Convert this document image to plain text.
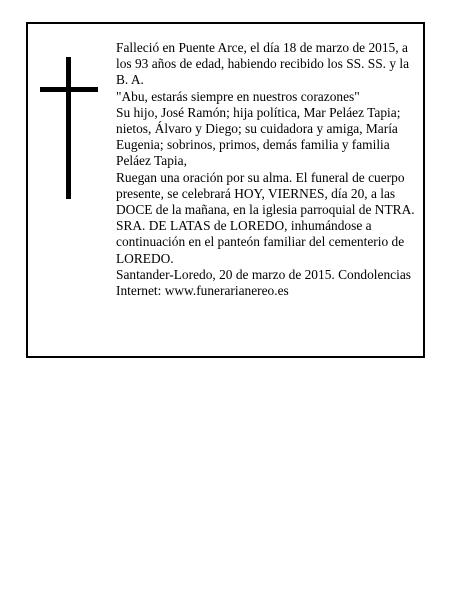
Falleció en Puente Arce, el día 18 de marzo de 2015, a los 93 años de edad, habiendo recibido los SS. SS. y la B. A.

"Abu, estarás siempre en nuestros corazones"

Su hijo, José Ramón; hija política, Mar Peláez Tapia; nietos, Álvaro y Diego; su cuidadora y amiga, María Eugenia; sobrinos, primos, demás familia y familia Peláez Tapia,

Ruegan una oración por su alma. El funeral de cuerpo presente, se celebrará HOY, VIERNES, día 20, a las DOCE de la mañana, en la iglesia parroquial de NTRA. SRA. DE LATAS de LOREDO, inhumándose a continuación en el panteón familiar del cementerio de LOREDO.

Santander-Loredo, 20 de marzo de 2015. Condolencias Internet: www.funerarianereo.es
